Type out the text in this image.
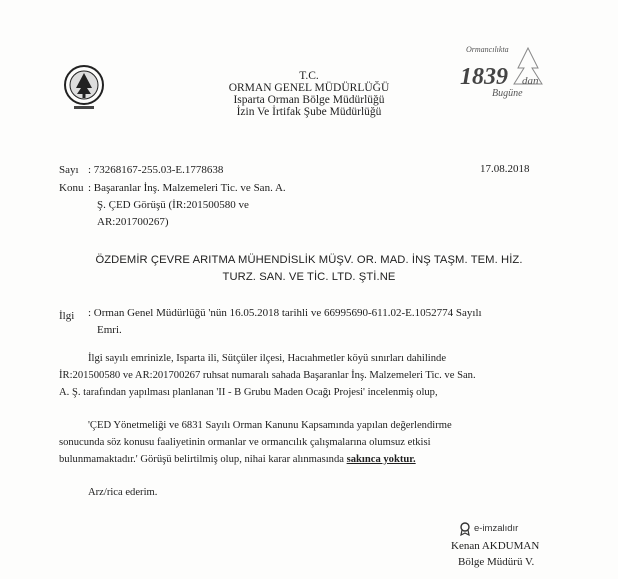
Ormancılıkta
1839 dan
Bugüne
T.C.
ORMAN GENEL MÜDÜRLÜĞÜ
Isparta Orman Bölge Müdürlüğü
İzin Ve İrtifak Şube Müdürlüğü
Sayı : 73268167-255.03-E.1778638	17.08.2018
Konu : Başaranlar İnş. Malzemeleri Tic. ve San. A.
Ş. ÇED Görüşü (İR:201500580 ve
AR:201700267)
ÖZDEMİR ÇEVRE ARITMA MÜHENDİSLİK MÜŞV. OR. MAD. İNŞ TAŞM. TEM. HİZ.
TURZ. SAN. VE TİC. LTD. ŞTİ.NE
İlgi : Orman Genel Müdürlüğü 'nün 16.05.2018 tarihli ve 66995690-611.02-E.1052774 Sayılı
Emri.
İlgi sayılı emrinizle, Isparta ili, Sütçüler ilçesi, Hacıahmetler köyü sınırları dahilinde
İR:201500580 ve AR:201700267 ruhsat numaralı sahada Başaranlar İnş. Malzemeleri Tic. ve San.
A. Ş. tarafından yapılması planlanan 'II - B Grubu Maden Ocağı Projesi' incelenmiş olup,
'ÇED Yönetmeliği ve 6831 Sayılı Orman Kanunu Kapsamında yapılan değerlendirme
sonucunda söz konusu faaliyetinin ormanlar ve ormancılık çalışmalarına olumsuz etkisi
bulunmamaktadır.' Görüşü belirtilmiş olup, nihai karar alınmasında sakınca yoktur.
Arz/rica ederim.
e-imzalıdır
Kenan AKDUMAN
Bölge Müdürü V.
